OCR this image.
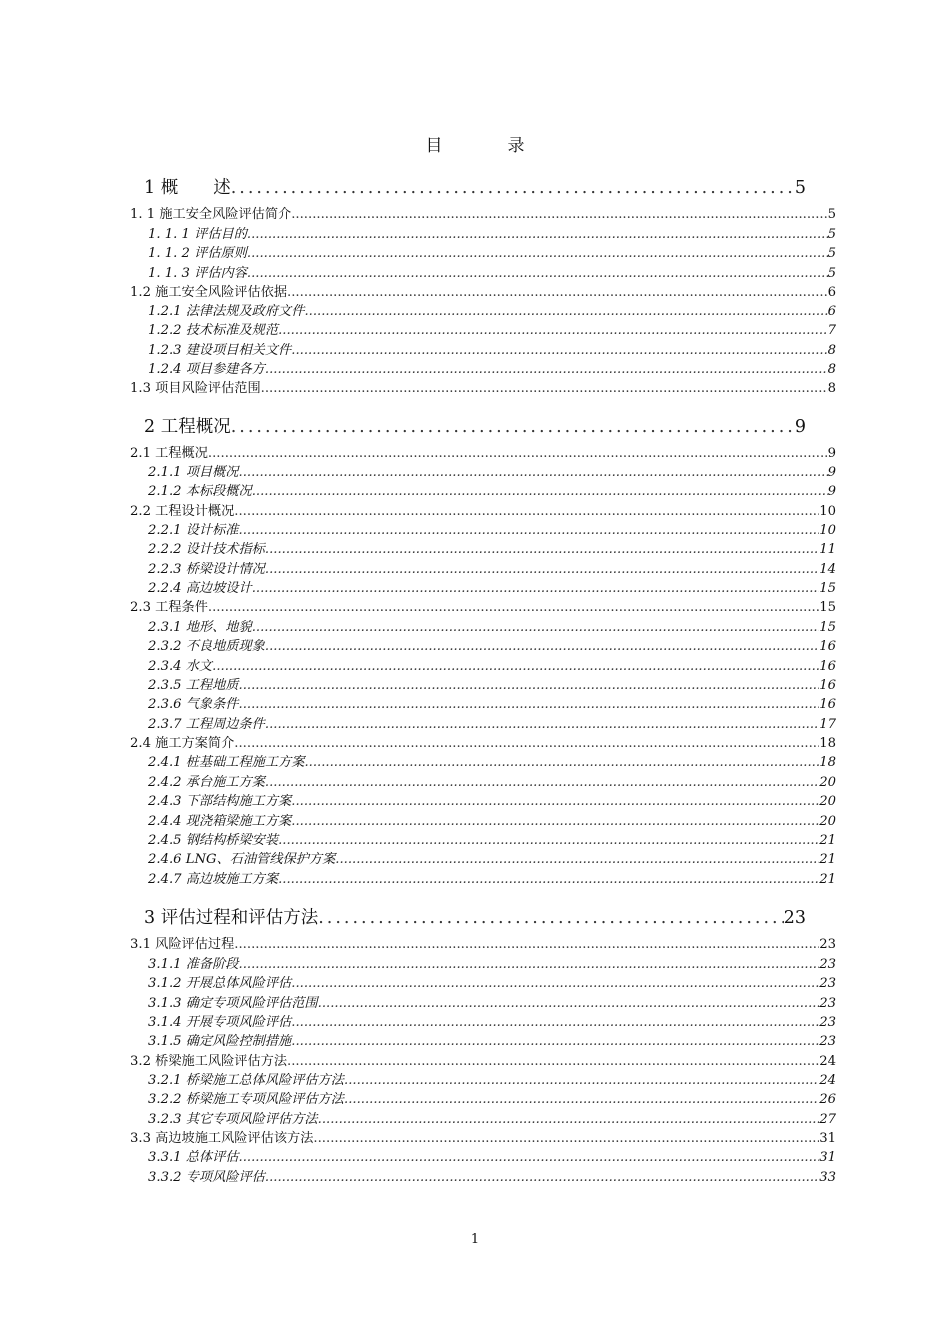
目　录
1 概　　述 .....	5
1. 1 施工安全风险评估简介 .....	5
1. 1. 1 评估目的 .....	5
1. 1. 2 评估原则 .....	5
1. 1. 3 评估内容 .....	5
1.2 施工安全风险评估依据 .....	6
1.2.1 法律法规及政府文件 .....	6
1.2.2 技术标准及规范 .....	7
1.2.3 建设项目相关文件 .....	8
1.2.4 项目参建各方 .....	8
1.3 项目风险评估范围 .....	8
2 工程概况 .....	9
2.1 工程概况 .....	9
2.1.1 项目概况 .....	9
2.1.2 本标段概况 .....	9
2.2 工程设计概况 .....	10
2.2.1 设计标准 .....	10
2.2.2 设计技术指标 .....	11
2.2.3 桥梁设计情况 .....	14
2.2.4 高边坡设计 .....	15
2.3 工程条件 .....	15
2.3.1 地形、地貌 .....	15
2.3.2 不良地质现象 .....	16
2.3.4 水文 .....	16
2.3.5 工程地质 .....	16
2.3.6 气象条件 .....	16
2.3.7 工程周边条件 .....	17
2.4 施工方案简介 .....	18
2.4.1 桩基础工程施工方案 .....	18
2.4.2 承台施工方案 .....	20
2.4.3 下部结构施工方案 .....	20
2.4.4 现浇箱梁施工方案 .....	20
2.4.5 钢结构桥梁安装 .....	21
2.4.6 LNG、石油管线保护方案 .....	21
2.4.7 高边坡施工方案 .....	21
3 评估过程和评估方法 .....	23
3.1 风险评估过程 .....	23
3.1.1 准备阶段 .....	23
3.1.2 开展总体风险评估 .....	23
3.1.3 确定专项风险评估范围 .....	23
3.1.4 开展专项风险评估 .....	23
3.1.5 确定风险控制措施 .....	23
3.2 桥梁施工风险评估方法 .....	24
3.2.1 桥梁施工总体风险评估方法 .....	24
3.2.2 桥梁施工专项风险评估方法 .....	26
3.2.3 其它专项风险评估方法 .....	27
3.3 高边坡施工风险评估该方法 .....	31
3.3.1 总体评估 .....	31
3.3.2 专项风险评估 .....	33
1
